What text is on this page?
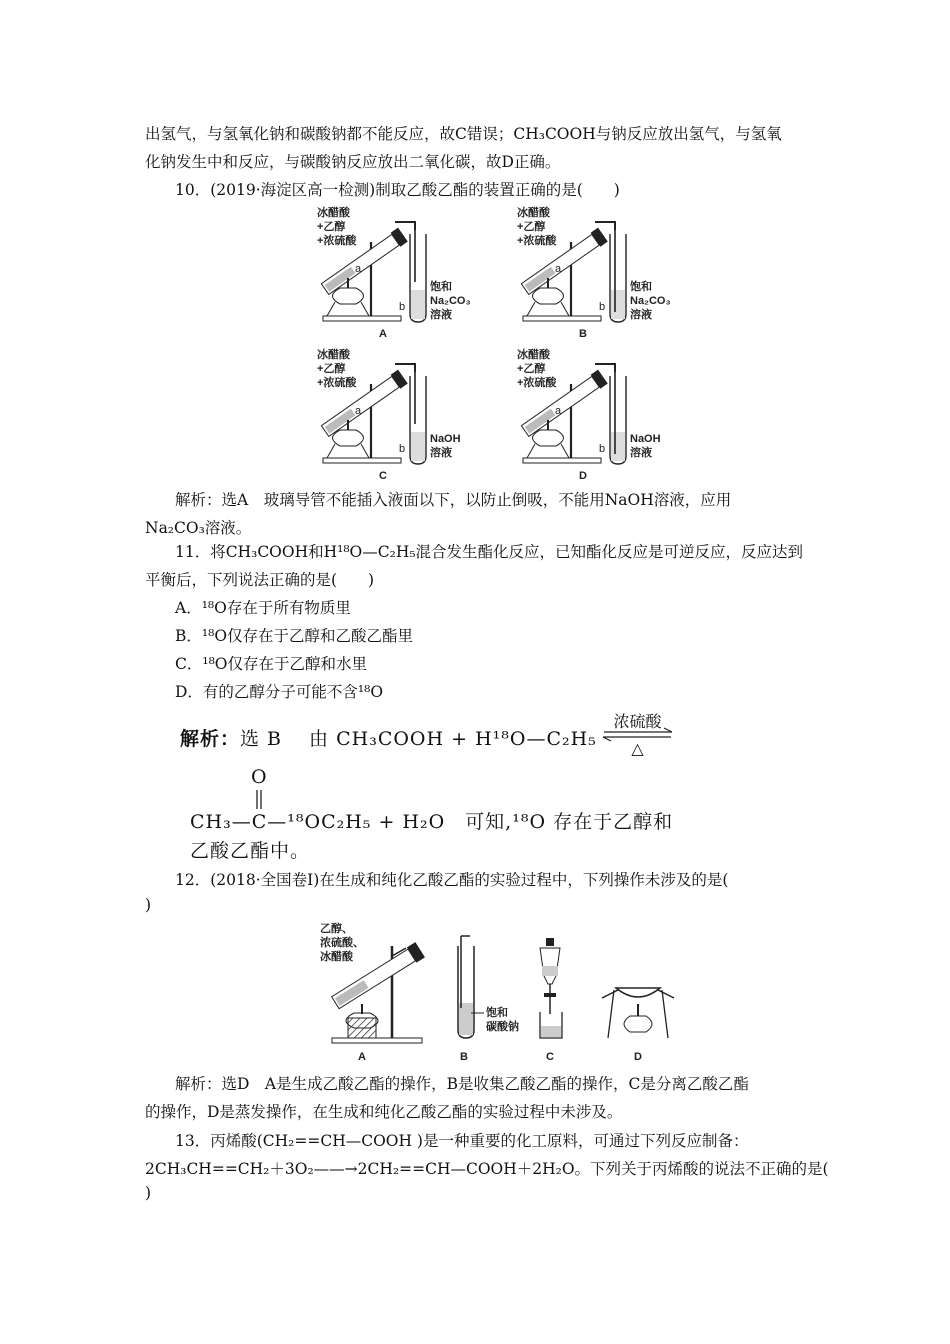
出氢气，与氢氧化钠和碳酸钠都不能反应，故C错误；CH₃COOH与钠反应放出氢气，与氢氧
化钠发生中和反应，与碳酸钠反应放出二氧化碳，故D正确。
10．(2019·海淀区高一检测)制取乙酸乙酯的装置正确的是(　　)
冰醋酸
+乙醇
+浓硫酸
a
b
饱和
Na₂CO₃
溶液
A
冰醋酸
+乙醇
+浓硫酸
a
b
饱和
Na₂CO₃
溶液
B
冰醋酸
+乙醇
+浓硫酸
a
b
NaOH
溶液
C
冰醋酸
+乙醇
+浓硫酸
a
b
NaOH
溶液
D
解析：选A　玻璃导管不能插入液面以下，以防止倒吸，不能用NaOH溶液，应用
Na₂CO₃溶液。
11．将CH₃COOH和H¹⁸O—C₂H₅混合发生酯化反应，已知酯化反应是可逆反应，反应达到
平衡后，下列说法正确的是(　　)
A．¹⁸O存在于所有物质里
B．¹⁸O仅存在于乙醇和乙酸乙酯里
C．¹⁸O仅存在于乙醇和水里
D．有的乙醇分子可能不含¹⁸O
解析：选 B　 由 CH₃COOH + H¹⁸O—C₂H₅
浓硫酸
△
O
CH₃—C—¹⁸OC₂H₅ + H₂O　可知,¹⁸O 存在于乙醇和
乙酸乙酯中。
12．(2018·全国卷Ⅰ)在生成和纯化乙酸乙酯的实验过程中，下列操作未涉及的是(
)
乙醇、
浓硫酸、
冰醋酸
A
饱和
碳酸钠
B	C	D
解析：选D　A是生成乙酸乙酯的操作，B是收集乙酸乙酯的操作，C是分离乙酸乙酯
的操作，D是蒸发操作，在生成和纯化乙酸乙酯的实验过程中未涉及。
13．丙烯酸(CH₂==CH—COOH )是一种重要的化工原料，可通过下列反应制备：
2CH₃CH==CH₂＋3O₂——→2CH₂==CH—COOH＋2H₂O。下列关于丙烯酸的说法不正确的是(
)
